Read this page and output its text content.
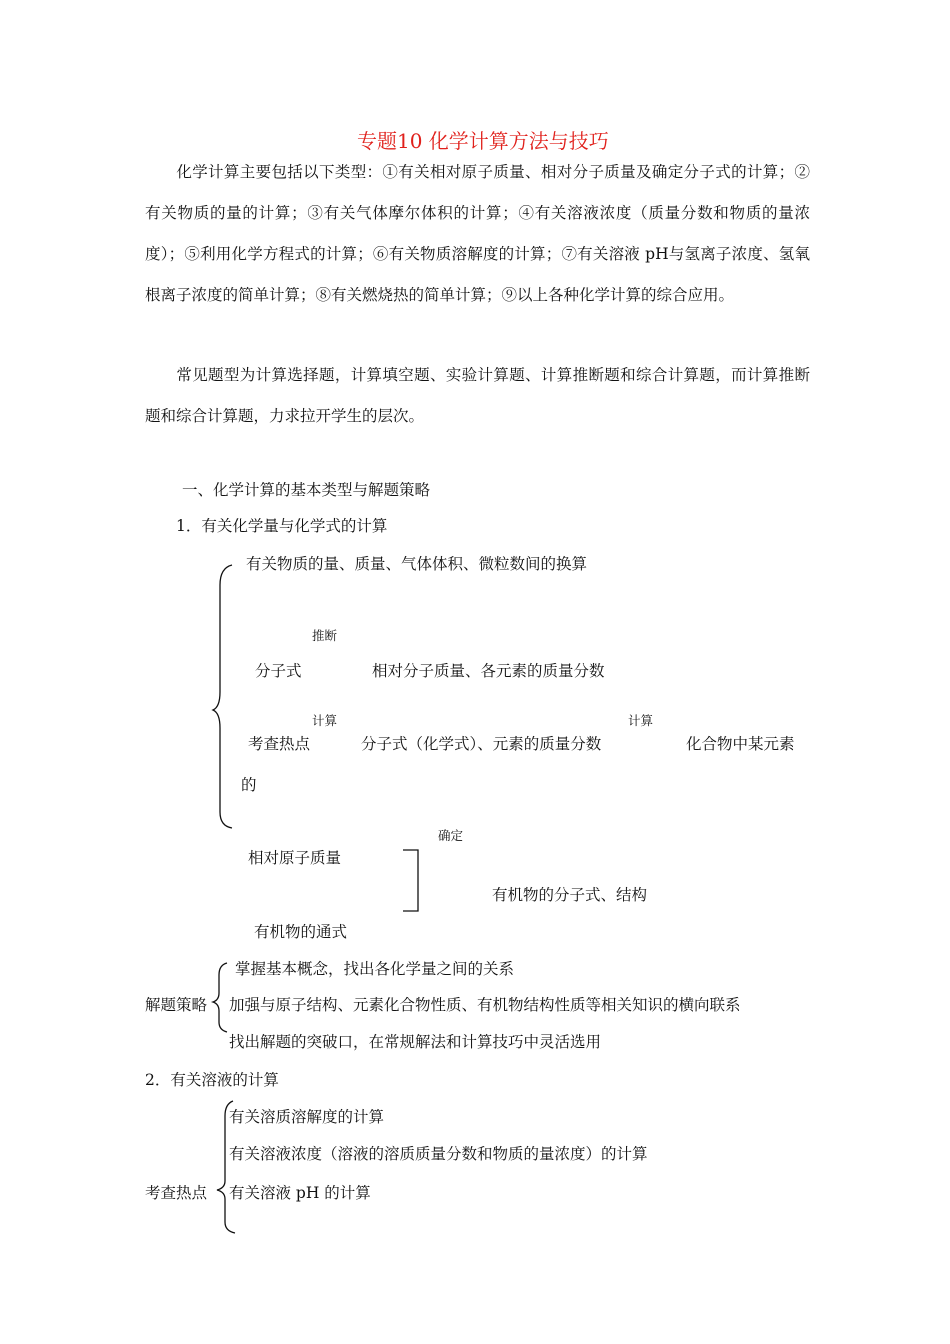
专题10 化学计算方法与技巧
化学计算主要包括以下类型：①有关相对原子质量、相对分子质量及确定分子式的计算；②有关物质的量的计算；③有关气体摩尔体积的计算；④有关溶液浓度（质量分数和物质的量浓度）；⑤利用化学方程式的计算；⑥有关物质溶解度的计算；⑦有关溶液 pH与氢离子浓度、氢氧根离子浓度的简单计算；⑧有关燃烧热的简单计算；⑨以上各种化学计算的综合应用。
常见题型为计算选择题，计算填空题、实验计算题、计算推断题和综合计算题，而计算推断题和综合计算题，力求拉开学生的层次。
一、化学计算的基本类型与解题策略
1．有关化学量与化学式的计算
有关物质的量、质量、气体体积、微粒数间的换算
推断
分子式	相对分子质量、各元素的质量分数
计算	计算
考查热点	分子式（化学式）、元素的质量分数	化合物中某元素
的
确定
相对原子质量
有机物的分子式、结构
有机物的通式
解题策略
掌握基本概念，找出各化学量之间的关系
加强与原子结构、元素化合物性质、有机物结构性质等相关知识的横向联系
找出解题的突破口，在常规解法和计算技巧中灵活选用
2．有关溶液的计算
考查热点
有关溶质溶解度的计算
有关溶液浓度（溶液的溶质质量分数和物质的量浓度）的计算
有关溶液 pH 的计算
